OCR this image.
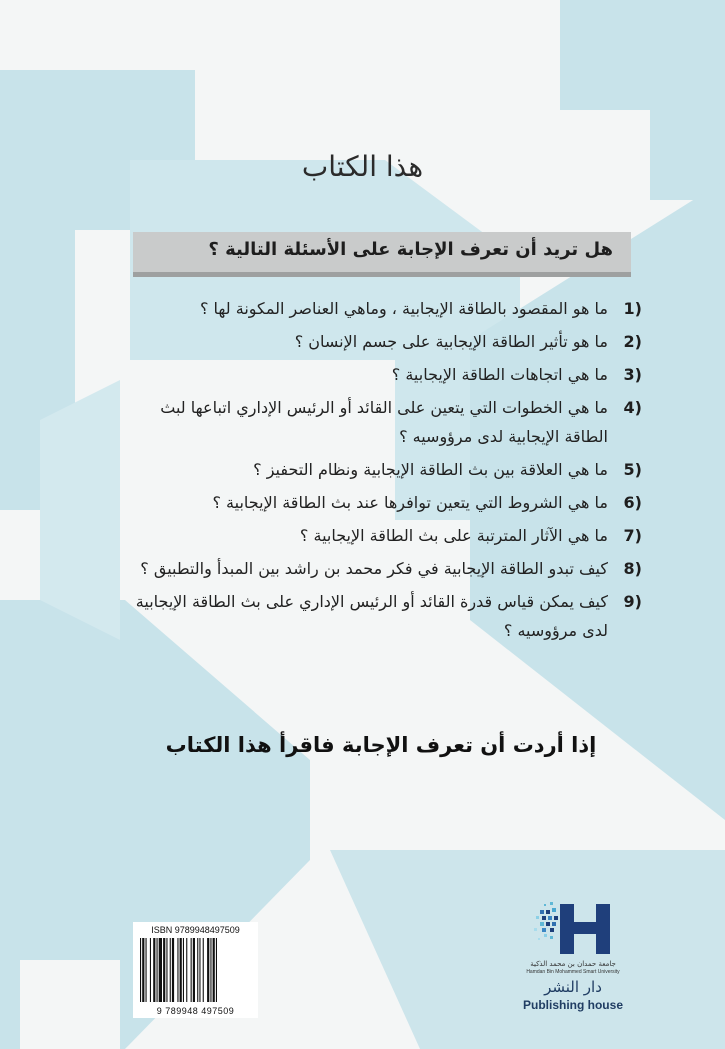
هذا الكتاب
هل تريد أن تعرف الإجابة على الأسئلة التالية ؟
1)
ما هو المقصود بالطاقة الإيجابية ، وماهي العناصر المكونة لها ؟
2)
ما هو تأثير الطاقة الإيجابية على جسم الإنسان ؟
3)
ما هي اتجاهات الطاقة الإيجابية ؟
4)
ما هي الخطوات التي يتعين على القائد أو الرئيس الإداري اتباعها لبث الطاقة الإيجابية لدى مرؤوسيه ؟
5)
ما هي العلاقة بين بث الطاقة الإيجابية ونظام التحفيز ؟
6)
ما هي الشروط التي يتعين توافرها عند بث الطاقة الإيجابية ؟
7)
ما هي الآثار المترتبة على بث الطاقة الإيجابية ؟
8)
كيف تبدو الطاقة الإيجابية في فكر محمد بن راشد بين المبدأ والتطبيق ؟
9)
كيف يمكن قياس قدرة القائد أو الرئيس الإداري على بث الطاقة الإيجابية لدى مرؤوسيه ؟
إذا أردت أن تعرف الإجابة فاقرأ هذا الكتاب
ISBN 9789948497509
9 789948 497509
جامعة حمدان بن محمد الذكية
Hamdan Bin Mohammed Smart University
دار النشر
Publishing house
